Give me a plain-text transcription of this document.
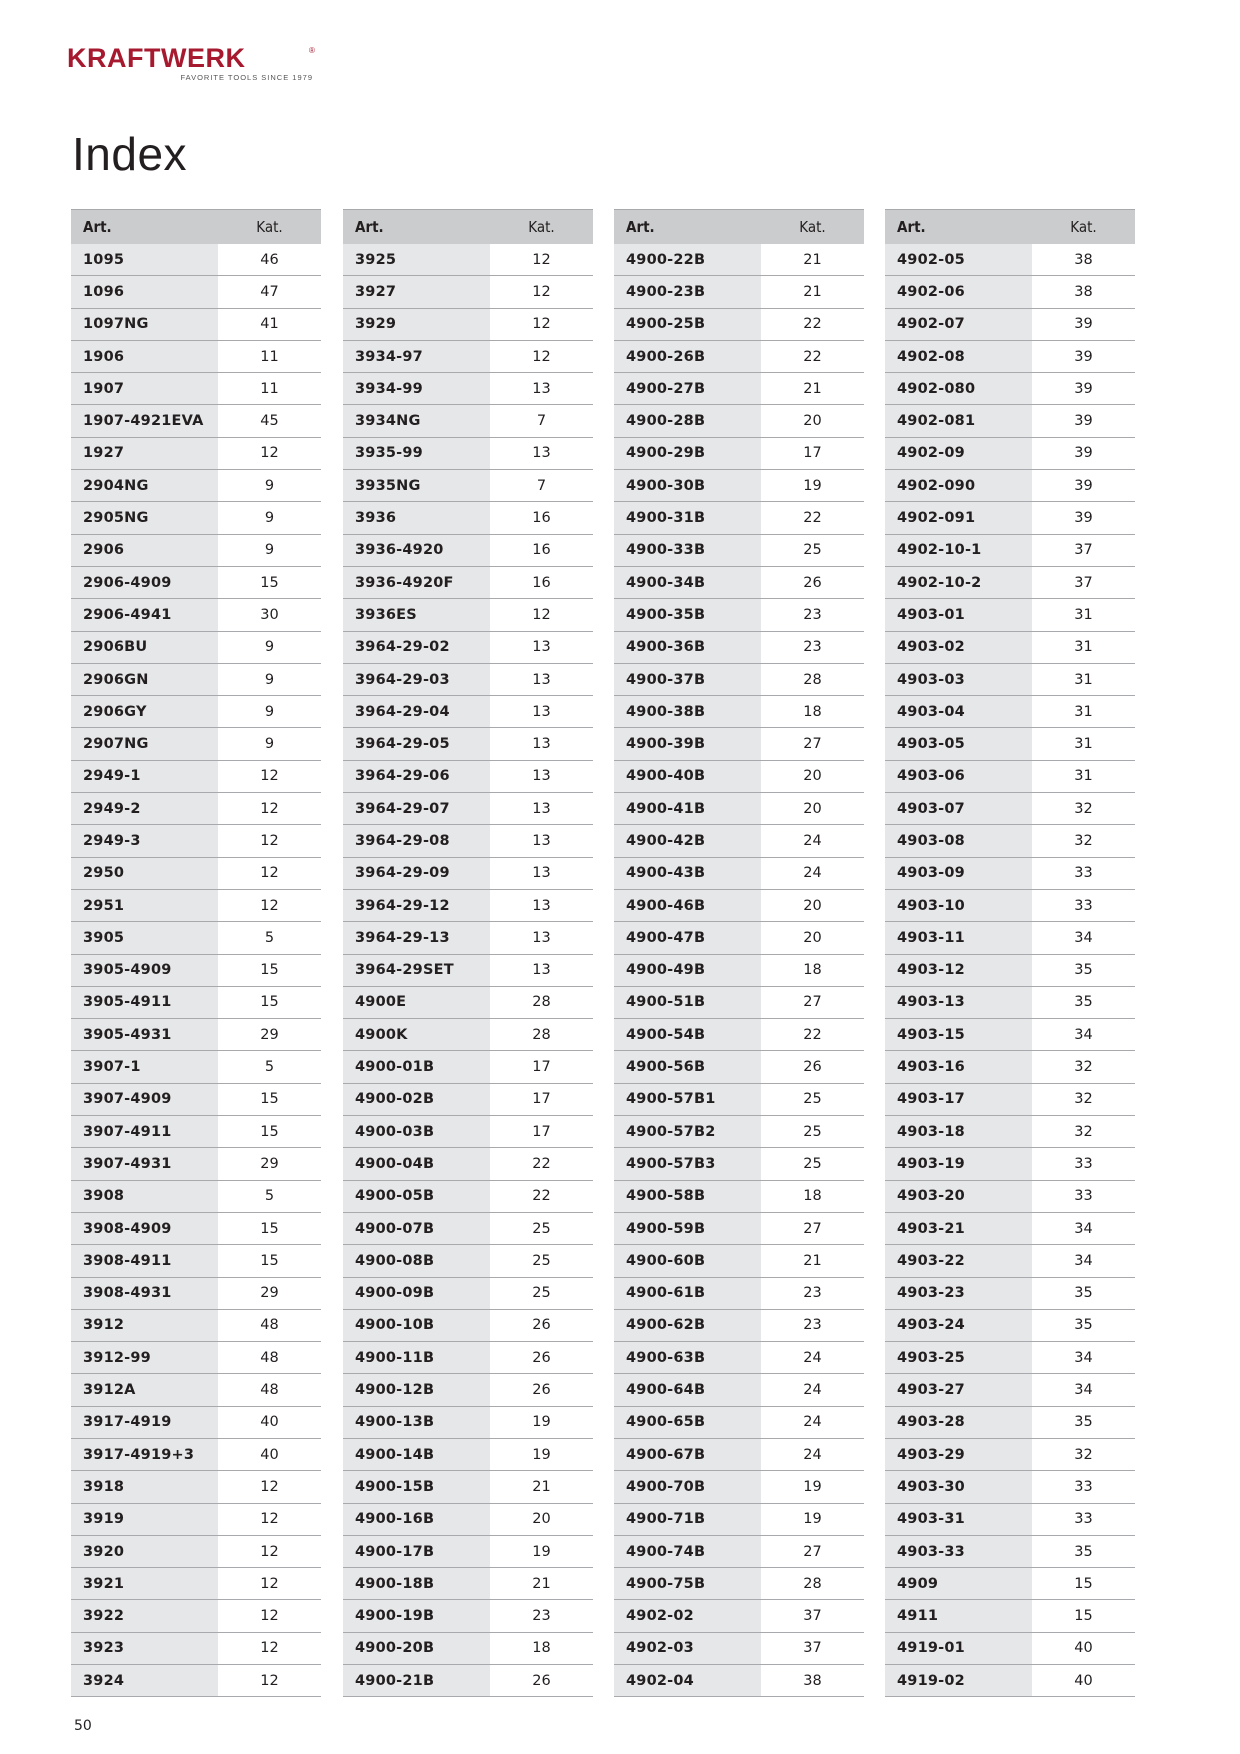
KRAFTWERK	®
FAVORITE TOOLS SINCE 1979
Index
Art.	Kat.
1095	46
1096	47
1097NG	41
1906	11
1907	11
1907-4921EVA	45
1927	12
2904NG	9
2905NG	9
2906	9
2906-4909	15
2906-4941	30
2906BU	9
2906GN	9
2906GY	9
2907NG	9
2949-1	12
2949-2	12
2949-3	12
2950	12
2951	12
3905	5
3905-4909	15
3905-4911	15
3905-4931	29
3907-1	5
3907-4909	15
3907-4911	15
3907-4931	29
3908	5
3908-4909	15
3908-4911	15
3908-4931	29
3912	48
3912-99	48
3912A	48
3917-4919	40
3917-4919+3	40
3918	12
3919	12
3920	12
3921	12
3922	12
3923	12
3924	12
Art.	Kat.
3925	12
3927	12
3929	12
3934-97	12
3934-99	13
3934NG	7
3935-99	13
3935NG	7
3936	16
3936-4920	16
3936-4920F	16
3936ES	12
3964-29-02	13
3964-29-03	13
3964-29-04	13
3964-29-05	13
3964-29-06	13
3964-29-07	13
3964-29-08	13
3964-29-09	13
3964-29-12	13
3964-29-13	13
3964-29SET	13
4900E	28
4900K	28
4900-01B	17
4900-02B	17
4900-03B	17
4900-04B	22
4900-05B	22
4900-07B	25
4900-08B	25
4900-09B	25
4900-10B	26
4900-11B	26
4900-12B	26
4900-13B	19
4900-14B	19
4900-15B	21
4900-16B	20
4900-17B	19
4900-18B	21
4900-19B	23
4900-20B	18
4900-21B	26
Art.	Kat.
4900-22B	21
4900-23B	21
4900-25B	22
4900-26B	22
4900-27B	21
4900-28B	20
4900-29B	17
4900-30B	19
4900-31B	22
4900-33B	25
4900-34B	26
4900-35B	23
4900-36B	23
4900-37B	28
4900-38B	18
4900-39B	27
4900-40B	20
4900-41B	20
4900-42B	24
4900-43B	24
4900-46B	20
4900-47B	20
4900-49B	18
4900-51B	27
4900-54B	22
4900-56B	26
4900-57B1	25
4900-57B2	25
4900-57B3	25
4900-58B	18
4900-59B	27
4900-60B	21
4900-61B	23
4900-62B	23
4900-63B	24
4900-64B	24
4900-65B	24
4900-67B	24
4900-70B	19
4900-71B	19
4900-74B	27
4900-75B	28
4902-02	37
4902-03	37
4902-04	38
Art.	Kat.
4902-05	38
4902-06	38
4902-07	39
4902-08	39
4902-080	39
4902-081	39
4902-09	39
4902-090	39
4902-091	39
4902-10-1	37
4902-10-2	37
4903-01	31
4903-02	31
4903-03	31
4903-04	31
4903-05	31
4903-06	31
4903-07	32
4903-08	32
4903-09	33
4903-10	33
4903-11	34
4903-12	35
4903-13	35
4903-15	34
4903-16	32
4903-17	32
4903-18	32
4903-19	33
4903-20	33
4903-21	34
4903-22	34
4903-23	35
4903-24	35
4903-25	34
4903-27	34
4903-28	35
4903-29	32
4903-30	33
4903-31	33
4903-33	35
4909	15
4911	15
4919-01	40
4919-02	40
50
